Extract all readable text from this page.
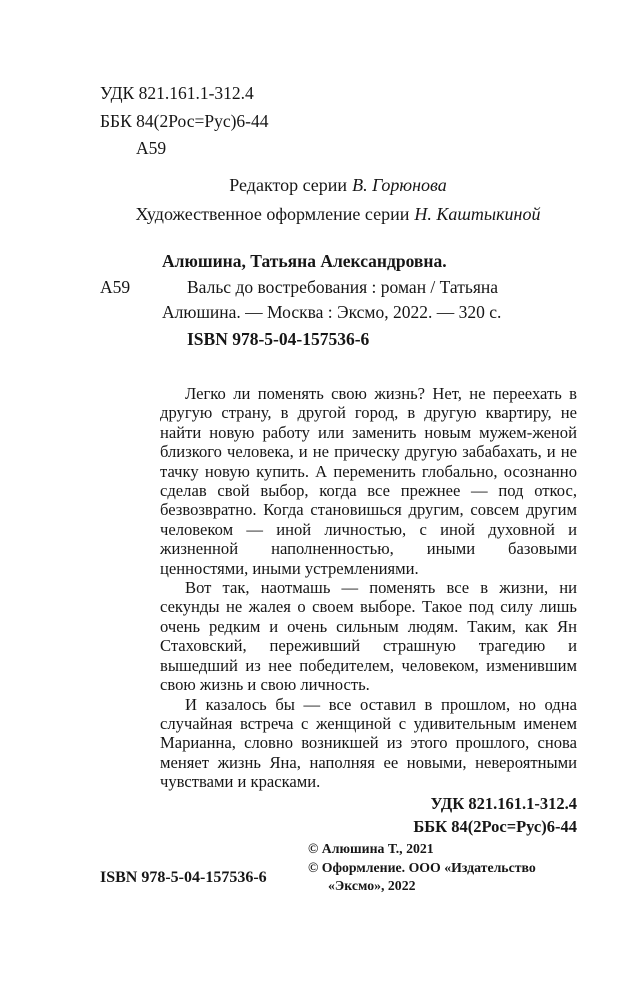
УДК 821.161.1-312.4
ББК 84(2Рос=Рус)6-44
А59
Редактор серии В. Горюнова
Художественное оформление серии Н. Каштыкиной
Алюшина, Татьяна Александровна.
А59	Вальс до востребования : роман / Татьяна Алюшина. — Москва : Эксмо, 2022. — 320 с.
ISBN 978-5-04-157536-6

Легко ли поменять свою жизнь? Нет, не переехать в другую страну, в другой город, в другую квартиру, не найти новую работу или заменить новым мужем-женой близкого человека, и не прическу другую забабахать, и не тачку новую купить. А переменить глобально, осознанно сделав свой выбор, когда все прежнее — под откос, безвозвратно. Когда становишься другим, совсем другим человеком — иной личностью, с иной духовной и жизненной наполненностью, иными базовыми ценностями, иными устремлениями.

Вот так, наотмашь — поменять все в жизни, ни секунды не жалея о своем выборе. Такое под силу лишь очень редким и очень сильным людям. Таким, как Ян Стаховский, переживший страшную трагедию и вышедший из нее победителем, человеком, изменившим свою жизнь и свою личность.

И казалось бы — все оставил в прошлом, но одна случайная встреча с женщиной с удивительным именем Марианна, словно возникшей из этого прошлого, снова меняет жизнь Яна, наполняя ее новыми, невероятными чувствами и красками.

УДК 821.161.1-312.4
ББК 84(2Рос=Рус)6-44
© Алюшина Т., 2021
© Оформление. ООО «Издательство
«Эксмо», 2022
ISBN 978-5-04-157536-6
